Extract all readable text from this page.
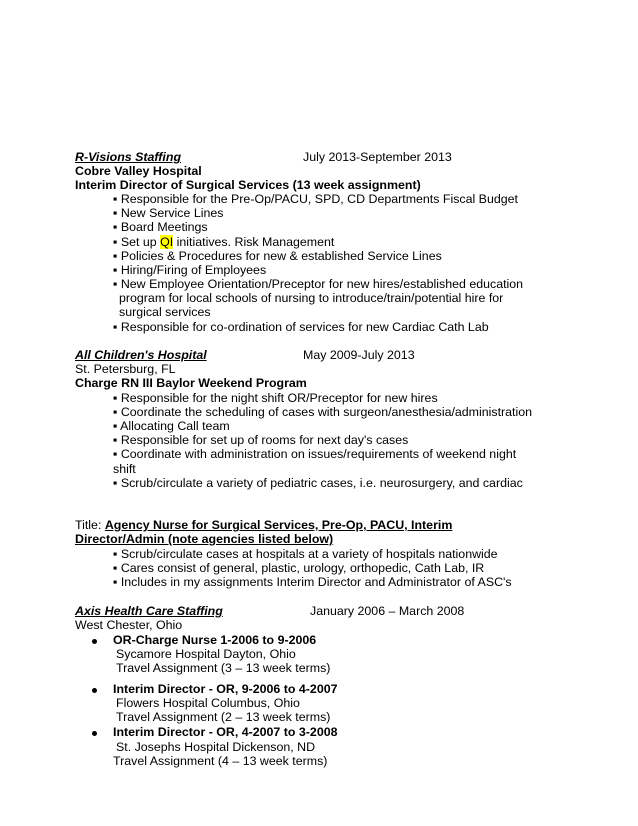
R-Visions Staffing	July 2013-September 2013
Cobre Valley Hospital
Interim Director of Surgical Services (13 week assignment)
▪ Responsible for the Pre-Op/PACU, SPD, CD Departments Fiscal Budget
▪ New Service Lines
▪ Board Meetings
▪ Set up QI initiatives. Risk Management
▪ Policies & Procedures for new & established Service Lines
▪ Hiring/Firing of Employees
▪ New Employee Orientation/Preceptor for new hires/established education
program for local schools of nursing to introduce/train/potential hire for
surgical services
▪ Responsible for co-ordination of services for new Cardiac Cath Lab
All Children's Hospital	May 2009-July 2013
St. Petersburg, FL
Charge RN III Baylor Weekend Program
▪ Responsible for the night shift OR/Preceptor for new hires
▪ Coordinate the scheduling of cases with surgeon/anesthesia/administration
▪ Allocating Call team
▪ Responsible for set up of rooms for next day's cases
▪ Coordinate with administration on issues/requirements of weekend night
shift
▪ Scrub/circulate a variety of pediatric cases, i.e. neurosurgery, and cardiac
Title: Agency Nurse for Surgical Services, Pre-Op, PACU, Interim
Director/Admin (note agencies listed below)
▪ Scrub/circulate cases at hospitals at a variety of hospitals nationwide
▪ Cares consist of general, plastic, urology, orthopedic, Cath Lab, IR
▪ Includes in my assignments Interim Director and Administrator of ASC's
Axis Health Care Staffing	January 2006 – March 2008
West Chester, Ohio
OR-Charge Nurse 1-2006 to 9-2006
Sycamore Hospital Dayton, Ohio
Travel Assignment (3 – 13 week terms)
Interim Director - OR, 9-2006 to 4-2007
Flowers Hospital Columbus, Ohio
Travel Assignment (2 – 13 week terms)
Interim Director - OR, 4-2007 to 3-2008
St. Josephs Hospital Dickenson, ND
Travel Assignment (4 – 13 week terms)
